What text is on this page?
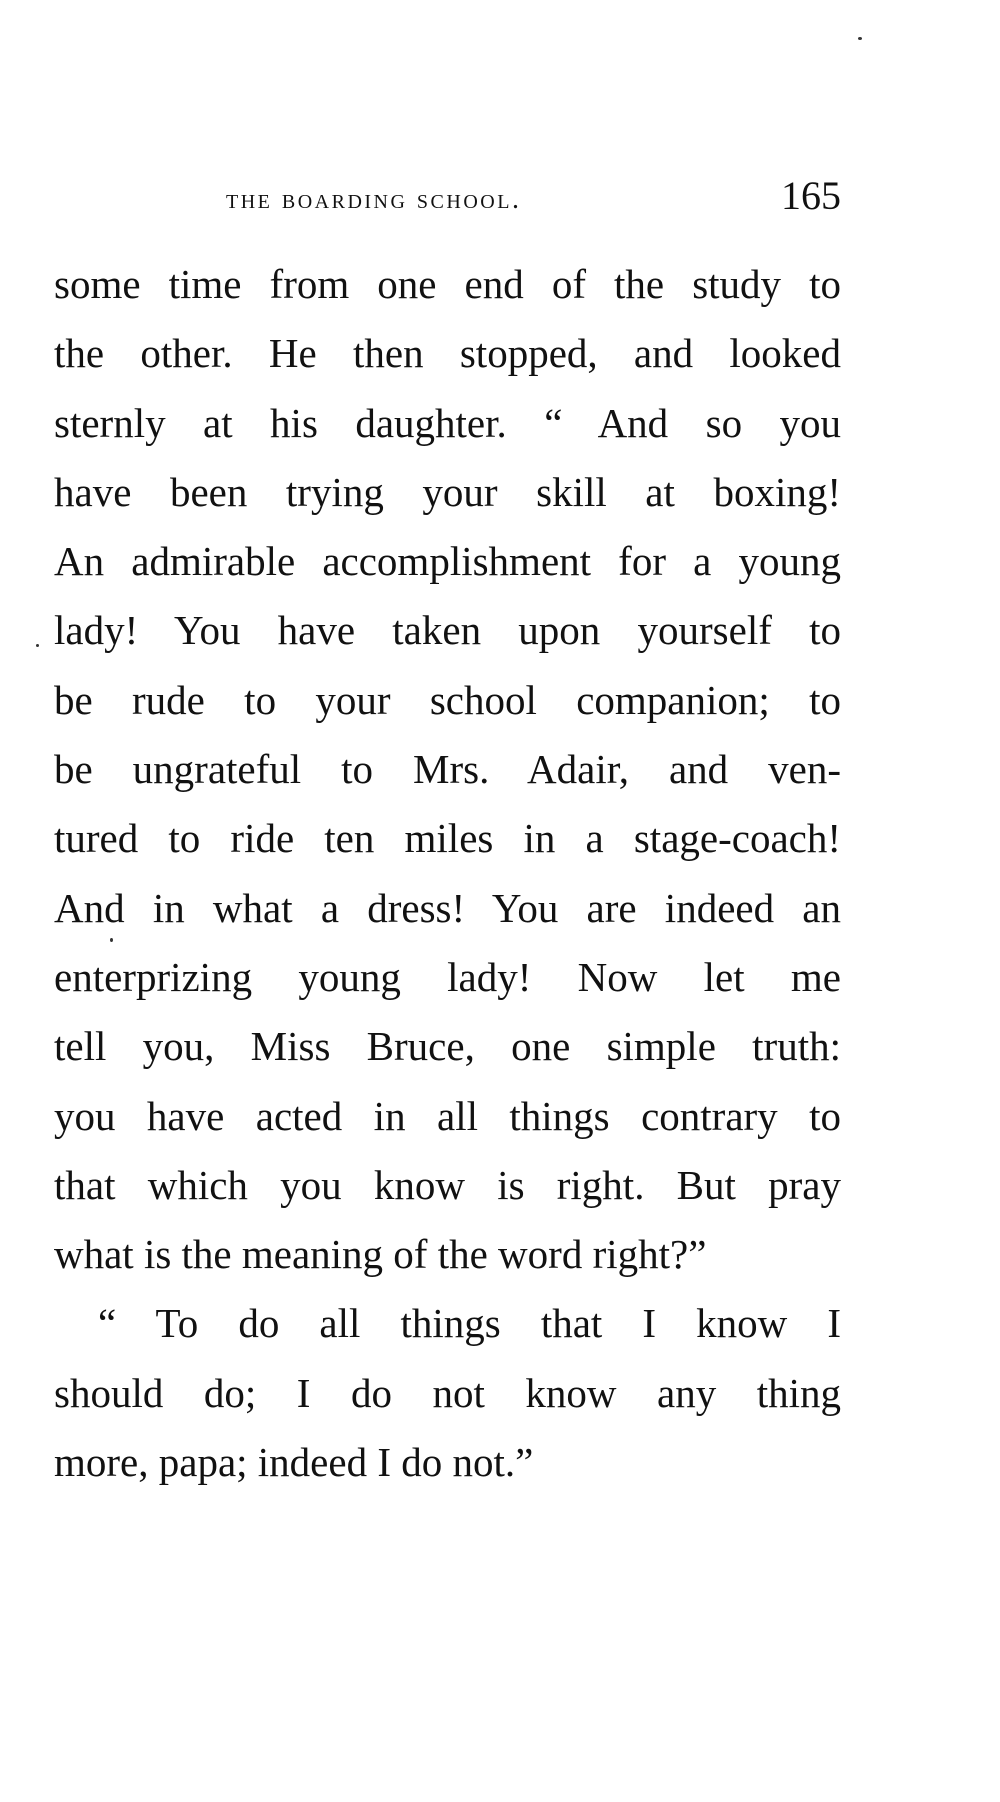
the boarding school.	165
some time from one end of the study to
the other. He then stopped, and looked
sternly at his daughter. “ And so you
have been trying your skill at boxing!
An admirable accomplishment for a young
lady! You have taken upon yourself to
be rude to your school companion; to
be ungrateful to Mrs. Adair, and ven-
tured to ride ten miles in a stage-coach!
And in what a dress! You are indeed an
enterprizing young lady! Now let me
tell you, Miss Bruce, one simple truth:
you have acted in all things contrary to
that which you know is right. But pray
what is the meaning of the word right?”
“ To do all things that I know I
should do; I do not know any thing
more, papa; indeed I do not.”
